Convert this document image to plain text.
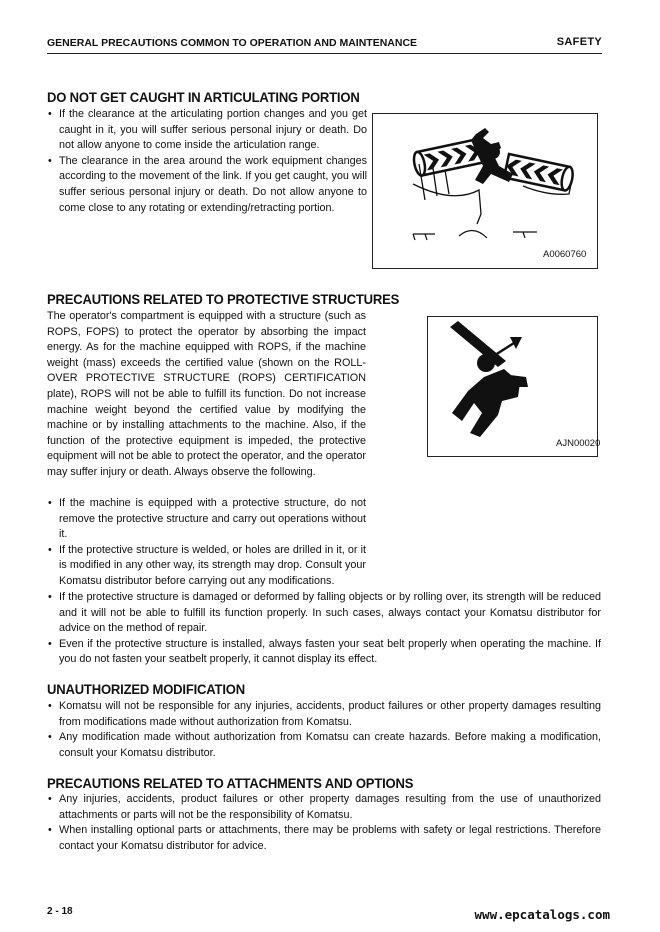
GENERAL PRECAUTIONS COMMON TO OPERATION AND MAINTENANCE	SAFETY
DO NOT GET CAUGHT IN ARTICULATING PORTION
• If the clearance at the articulating portion changes and you get caught in it, you will suffer serious personal injury or death. Do not allow anyone to come inside the articulation range.
• The clearance in the area around the work equipment changes according to the movement of the link. If you get caught, you will suffer serious personal injury or death. Do not allow anyone to come close to any rotating or extending/retracting portion.
A0060760
PRECAUTIONS RELATED TO PROTECTIVE STRUCTURES
The operator's compartment is equipped with a structure (such as ROPS, FOPS) to protect the operator by absorbing the impact energy. As for the machine equipped with ROPS, if the machine weight (mass) exceeds the certified value (shown on the ROLL-OVER PROTECTIVE STRUCTURE (ROPS) CERTIFICATION plate), ROPS will not be able to fulfill its function. Do not increase machine weight beyond the certified value by modifying the machine or by installing attachments to the machine. Also, if the function of the protective equipment is impeded, the protective equipment will not be able to protect the operator, and the operator may suffer injury or death. Always observe the following.
• If the machine is equipped with a protective structure, do not remove the protective structure and carry out operations without it.
• If the protective structure is welded, or holes are drilled in it, or it is modified in any other way, its strength may drop. Consult your Komatsu distributor before carrying out any modifications.
• If the protective structure is damaged or deformed by falling objects or by rolling over, its strength will be reduced and it will not be able to fulfill its function properly. In such cases, always contact your Komatsu distributor for advice on the method of repair.
• Even if the protective structure is installed, always fasten your seat belt properly when operating the machine. If you do not fasten your seatbelt properly, it cannot display its effect.
AJN00020
UNAUTHORIZED MODIFICATION
• Komatsu will not be responsible for any injuries, accidents, product failures or other property damages resulting from modifications made without authorization from Komatsu.
• Any modification made without authorization from Komatsu can create hazards. Before making a modification, consult your Komatsu distributor.
PRECAUTIONS RELATED TO ATTACHMENTS AND OPTIONS
• Any injuries, accidents, product failures or other property damages resulting from the use of unauthorized attachments or parts will not be the responsibility of Komatsu.
• When installing optional parts or attachments, there may be problems with safety or legal restrictions. Therefore contact your Komatsu distributor for advice.
2 - 18	www.epcatalogs.com
